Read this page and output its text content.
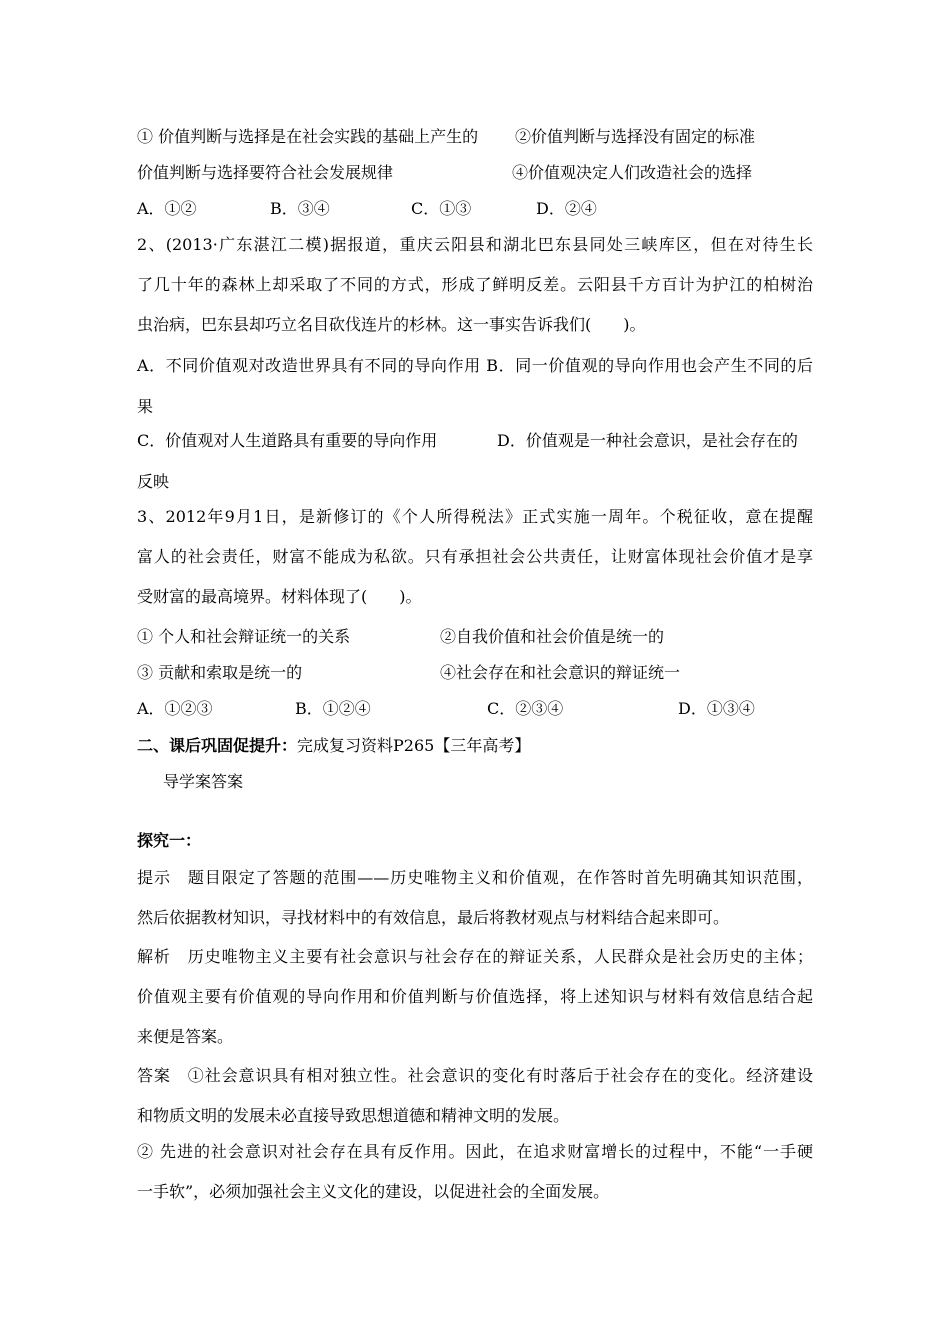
① 价值判断与选择是在社会实践的基础上产生的 ②价值判断与选择没有固定的标准
价值判断与选择要符合社会发展规律	④价值观决定人们改造社会的选择
A．①②	B．③④	C．①③	D．②④
2、(2013·广东湛江二模)据报道，重庆云阳县和湖北巴东县同处三峡库区，但在对待生长
了几十年的森林上却采取了不同的方式，形成了鲜明反差。云阳县千方百计为护江的柏树治
虫治病，巴东县却巧立名目砍伐连片的杉林。这一事实告诉我们(　　)。
A．不同价值观对改造世界具有不同的导向作用 B．同一价值观的导向作用也会产生不同的后
果
C．价值观对人生道路具有重要的导向作用	D．价值观是一种社会意识，是社会存在的
反映
3、2012年9月1日，是新修订的《个人所得税法》正式实施一周年。个税征收，意在提醒
富人的社会责任，财富不能成为私欲。只有承担社会公共责任，让财富体现社会价值才是享
受财富的最高境界。材料体现了(　　)。
① 个人和社会辩证统一的关系	②自我价值和社会价值是统一的
③ 贡献和索取是统一的	④社会存在和社会意识的辩证统一
A．①②③	B．①②④	C．②③④	D．①③④
二、课后巩固促提升：完成复习资料P265【三年高考】
导学案答案
探究一：
提示　题目限定了答题的范围——历史唯物主义和价值观，在作答时首先明确其知识范围，
然后依据教材知识，寻找材料中的有效信息，最后将教材观点与材料结合起来即可。
解析　历史唯物主义主要有社会意识与社会存在的辩证关系，人民群众是社会历史的主体；
价值观主要有价值观的导向作用和价值判断与价值选择，将上述知识与材料有效信息结合起
来便是答案。
答案　①社会意识具有相对独立性。社会意识的变化有时落后于社会存在的变化。经济建设
和物质文明的发展未必直接导致思想道德和精神文明的发展。
② 先进的社会意识对社会存在具有反作用。因此，在追求财富增长的过程中，不能“一手硬
一手软”，必须加强社会主义文化的建设，以促进社会的全面发展。
